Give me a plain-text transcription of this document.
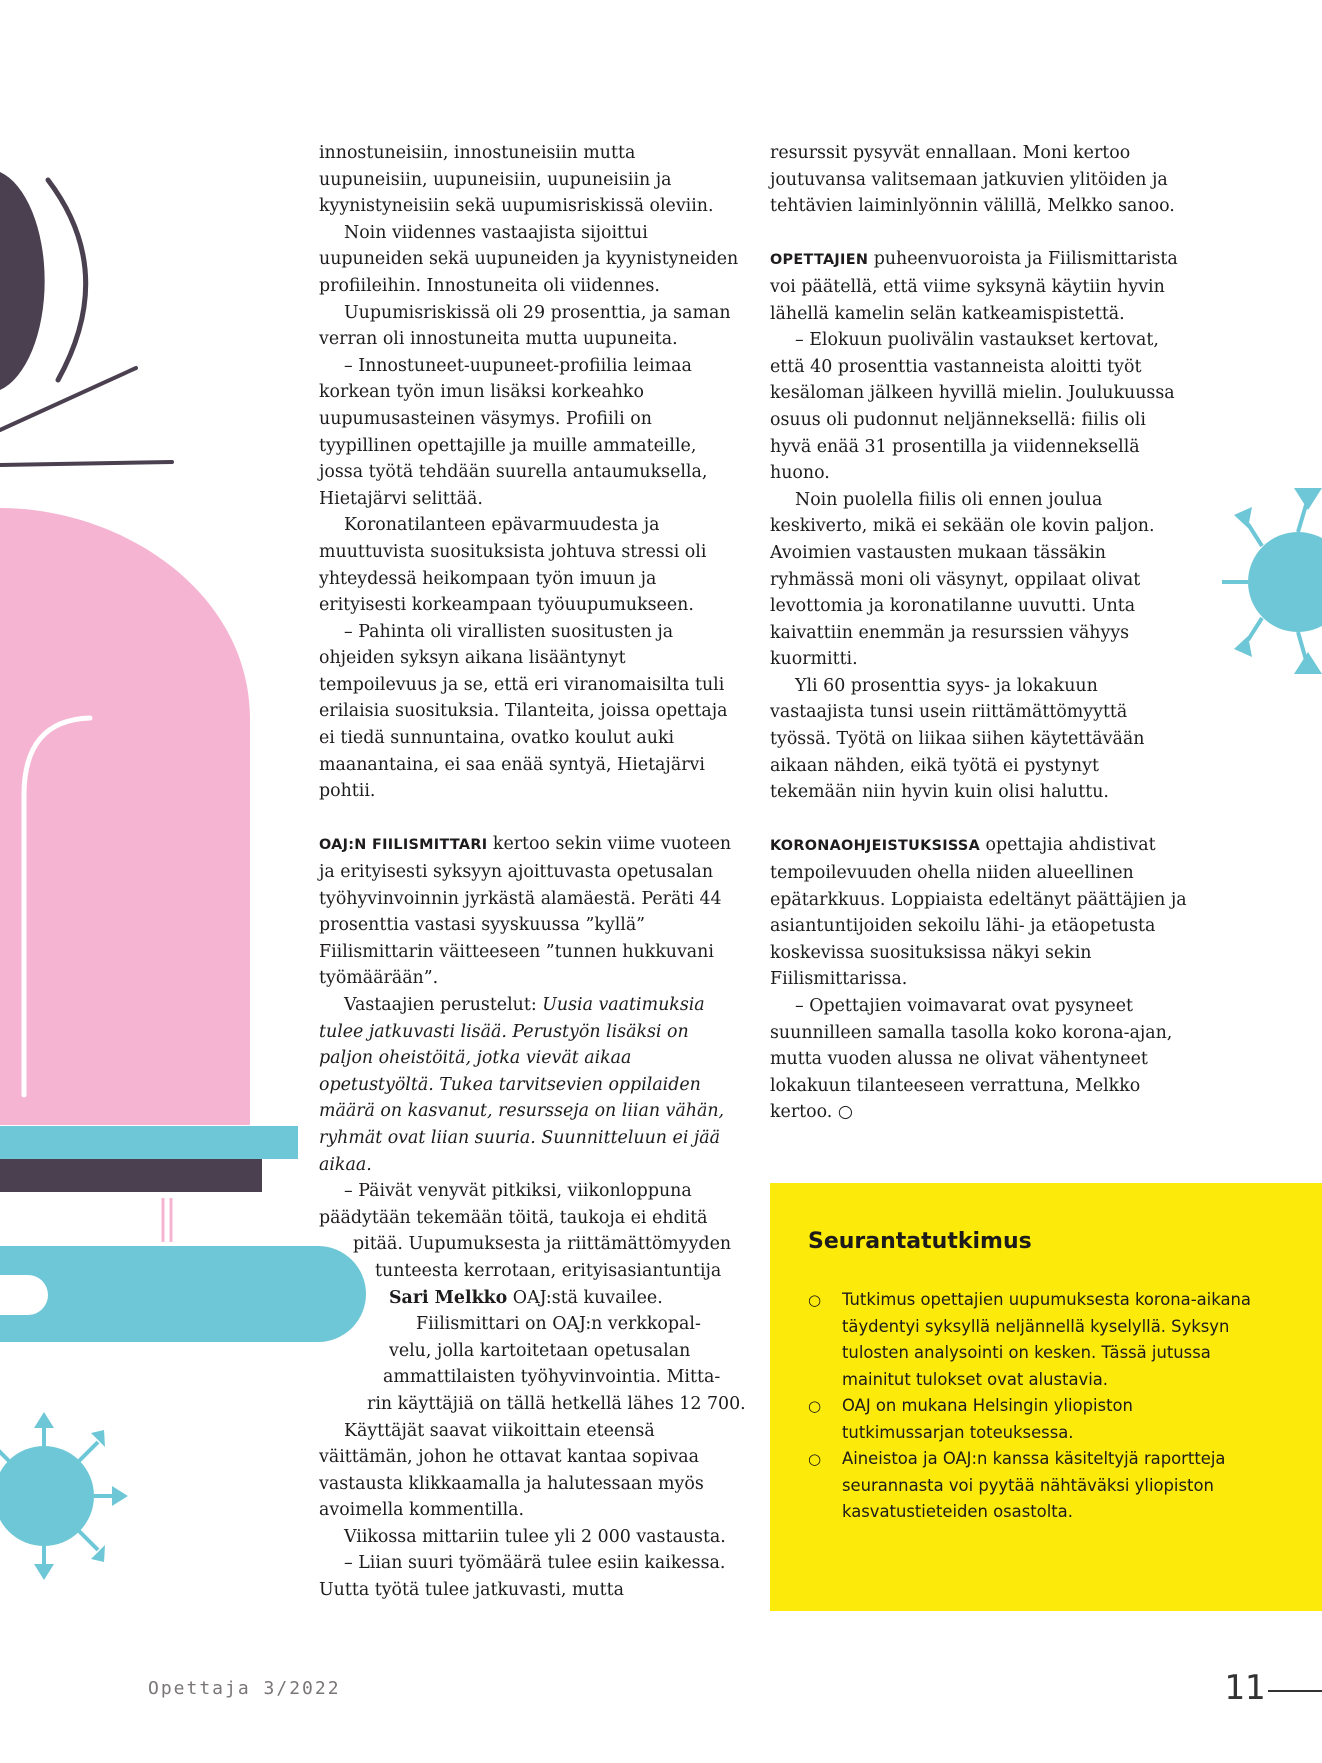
innostuneisiin, innostuneisiin mutta uupuneisiin, uupuneisiin, uupuneisiin ja kyynistyneisiin sekä uupumisriskissä oleviin.

Noin viidennes vastaajista sijoittui uupuneiden sekä uupuneiden ja kyynistyneiden profiileihin. Innostuneita oli viidennes.

Uupumisriskissä oli 29 prosenttia, ja saman verran oli innostuneita mutta uupuneita.

– Innostuneet-uupuneet-profiilia leimaa korkean työn imun lisäksi korkeahko uupumusasteinen väsymys. Profiili on tyypillinen opettajille ja muille ammateille, jossa työtä tehdään suurella antaumuksella, Hietajärvi selittää.

Koronatilanteen epävarmuudesta ja muuttuvista suosituksista johtuva stressi oli yhteydessä heikompaan työn imuun ja erityisesti korkeampaan työuupumukseen.

– Pahinta oli virallisten suositusten ja ohjeiden syksyn aikana lisääntynyt tempoilevuus ja se, että eri viranomaisilta tuli erilaisia suosituksia. Tilanteita, joissa opettaja ei tiedä sunnuntaina, ovatko koulut auki maanantaina, ei saa enää syntyä, Hietajärvi pohtii.

OAJ:N FIILISMITTARI kertoo sekin viime vuoteen ja erityisesti syksyyn ajoittuvasta opetusalan työhyvinvoinnin jyrkästä alamäestä. Peräti 44 prosenttia vastasi syyskuussa ”kyllä” Fiilismittarin väitteeseen ”tunnen hukkuvani työmäärään”.

Vastaajien perustelut: Uusia vaatimuksia tulee jatkuvasti lisää. Perustyön lisäksi on paljon oheistöitä, jotka vievät aikaa opetustyöltä. Tukea tarvitsevien oppilaiden määrä on kasvanut, resursseja on liian vähän, ryhmät ovat liian suuria. Suunnitteluun ei jää aikaa.

– Päivät venyvät pitkiksi, viikonloppuna
päädytään tekemään töitä, taukoja ei ehditä
pitää. Uupumuksesta ja riittämättömyyden
tunteesta kerrotaan, erityisasiantuntija
Sari Melkko OAJ:stä kuvailee.
Fiilismittari on OAJ:n verkkopal-
velu, jolla kartoitetaan opetusalan
ammattilaisten työhyvinvointia. Mitta-
rin käyttäjiä on tällä hetkellä lähes 12 700.

Käyttäjät saavat viikoittain eteensä väittämän, johon he ottavat kantaa sopivaa vastausta klikkaamalla ja halutessaan myös avoimella kommentilla.

Viikossa mittariin tulee yli 2 000 vastausta.

– Liian suuri työmäärä tulee esiin kaikessa. Uutta työtä tulee jatkuvasti, mutta

resurssit pysyvät ennallaan. Moni kertoo joutuvansa valitsemaan jatkuvien ylitöiden ja tehtävien laiminlyönnin välillä, Melkko sanoo.

OPETTAJIEN puheenvuoroista ja Fiilismittarista voi päätellä, että viime syksynä käytiin hyvin lähellä kamelin selän katkeamispistettä.

– Elokuun puolivälin vastaukset kertovat, että 40 prosenttia vastanneista aloitti työt kesäloman jälkeen hyvillä mielin. Joulukuussa osuus oli pudonnut neljänneksellä: fiilis oli hyvä enää 31 prosentilla ja viidenneksellä huono.

Noin puolella fiilis oli ennen joulua keskiverto, mikä ei sekään ole kovin paljon. Avoimien vastausten mukaan tässäkin ryhmässä moni oli väsynyt, oppilaat olivat levottomia ja koronatilanne uuvutti. Unta kaivattiin enemmän ja resurssien vähyys kuormitti.

Yli 60 prosenttia syys- ja lokakuun vastaajista tunsi usein riittämättömyyttä työssä. Työtä on liikaa siihen käytettävään aikaan nähden, eikä työtä ei pystynyt tekemään niin hyvin kuin olisi haluttu.

KORONAOHJEISTUKSISSA opettajia ahdistivat tempoilevuuden ohella niiden alueellinen epätarkkuus. Loppiaista edeltänyt päättäjien ja asiantuntijoiden sekoilu lähi- ja etäopetusta koskevissa suosituksissa näkyi sekin Fiilismittarissa.

– Opettajien voimavarat ovat pysyneet suunnilleen samalla tasolla koko korona-ajan, mutta vuoden alussa ne olivat vähentyneet lokakuun tilanteeseen verrattuna, Melkko kertoo. ○

Seurantatutkimus
○ Tutkimus opettajien uupumuksesta korona-aikana täydentyi syksyllä neljännellä kyselyllä. Syksyn tulosten analysointi on kesken. Tässä jutussa mainitut tulokset ovat alustavia.
○ OAJ on mukana Helsingin yliopiston tutkimussarjan toteuksessa.
○ Aineistoa ja OAJ:n kanssa käsiteltyjä raportteja seurannasta voi pyytää nähtäväksi yliopiston kasvatustieteiden osastolta.
Opettaja 3/2022	11
